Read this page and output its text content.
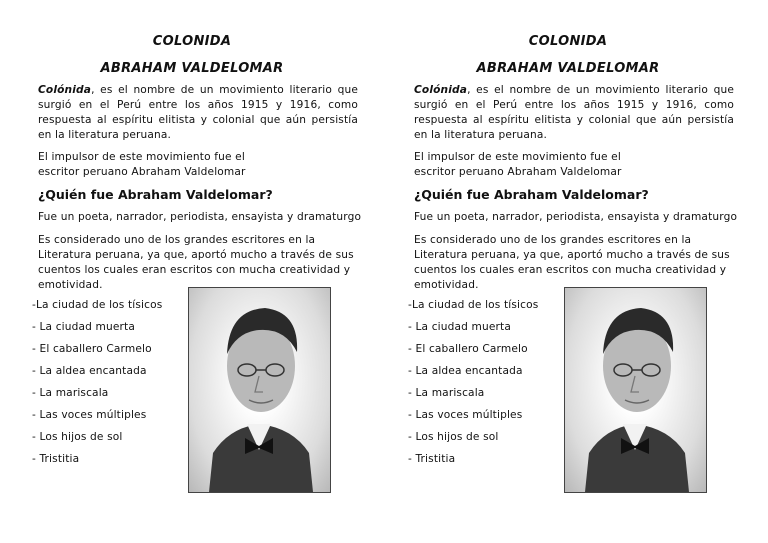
COLONIDA
ABRAHAM VALDELOMAR
Colónida, es el nombre de un movimiento literario que surgió en el Perú entre los años 1915 y 1916, como respuesta al espíritu elitista y colonial que aún persistía en la literatura peruana.
El impulsor de este movimiento fue el escritor peruano Abraham Valdelomar
¿Quién fue Abraham Valdelomar?
Fue un poeta, narrador, periodista, ensayista y dramaturgo
Es considerado uno de los grandes escritores en la Literatura peruana, ya que, aportó mucho a través de sus cuentos los cuales eran escritos con mucha creatividad y emotividad.
-La ciudad de los tísicos
- La ciudad muerta
- El caballero Carmelo
- La aldea encantada
- La mariscala
- Las voces múltiples
- Los hijos de sol
- Tristitia
COLONIDA
ABRAHAM VALDELOMAR
Colónida, es el nombre de un movimiento literario que surgió en el Perú entre los años 1915 y 1916, como respuesta al espíritu elitista y colonial que aún persistía en la literatura peruana.
El impulsor de este movimiento fue el escritor peruano Abraham Valdelomar
¿Quién fue Abraham Valdelomar?
Fue un poeta, narrador, periodista, ensayista y dramaturgo
Es considerado uno de los grandes escritores en la Literatura peruana, ya que, aportó mucho a través de sus cuentos los cuales eran escritos con mucha creatividad y emotividad.
-La ciudad de los tísicos
- La ciudad muerta
- El caballero Carmelo
- La aldea encantada
- La mariscala
- Las voces múltiples
- Los hijos de sol
- Tristitia
